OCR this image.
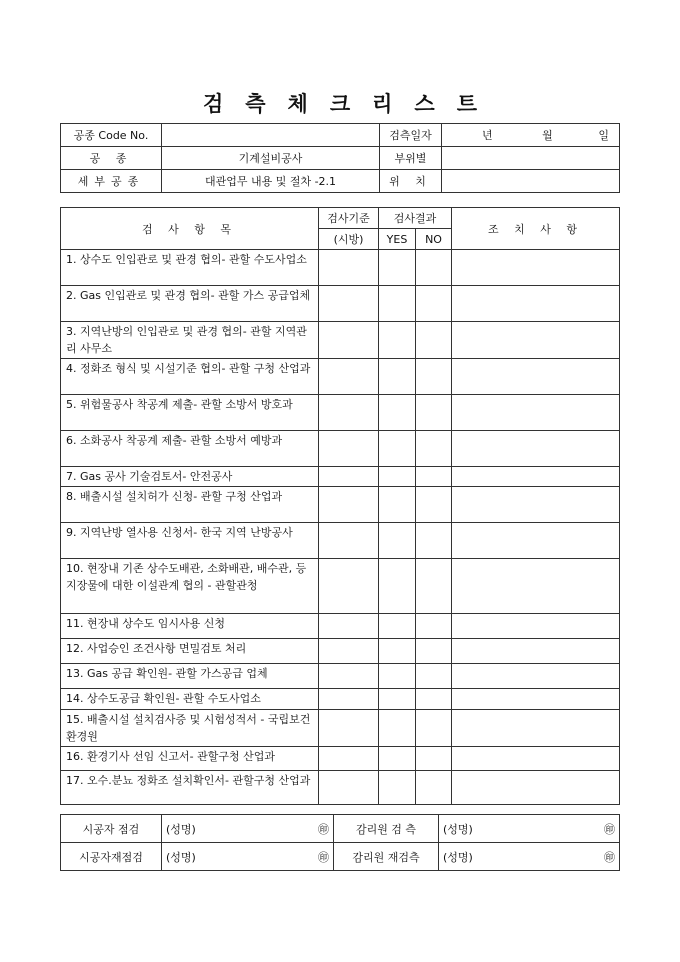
검측체크리스트
공종 Code No.		검측일자	년 월 일

공 종	기계설비공사	부위별	
세부공종	대관업무 내용 및 절차 -2.1	위 치	
검 사 항 목	검사기준	검사결과		조 치 사 항
	(시방)	YES	NO	
1. 상수도 인입관로 및 관경 협의- 관할 수도사업소				
2. Gas 인입관로 및 관경 협의- 관할 가스 공급업체				
3. 지역난방의 인입관로 및 관경 협의- 관할 지역관리 사무소				
4. 정화조 형식 및 시설기준 협의- 관할 구청 산업과				
5. 위험물공사 착공계 제출- 관할 소방서 방호과				
6. 소화공사 착공계 제출- 관할 소방서 예방과				
7. Gas 공사 기술검토서- 안전공사				
8. 배출시설 설치허가 신청- 관할 구청 산업과				
9. 지역난방 열사용 신청서- 한국 지역 난방공사				
10. 현장내 기존 상수도배관, 소화배관, 배수관, 등 지장물에 대한 이설관계 협의 - 관할관청				
11. 현장내 상수도 임시사용 신청				
12. 사업승인 조건사항 면밀검토 처리				
13. Gas 공급 확인원- 관할 가스공급 업체				
14. 상수도공급 확인원- 관할 수도사업소				
15. 배출시설 설치검사증 및 시험성적서 - 국립보건 환경원				
16. 환경기사 선임 신고서- 관할구청 산업과				
17. 오수.분뇨 정화조 설치확인서- 관할구청 산업과				
시공자 점검	(성명) ㊞	감리원 검 측	(성명) ㊞

시공자재점검	(성명) ㊞	감리원 재검측	(성명) ㊞
